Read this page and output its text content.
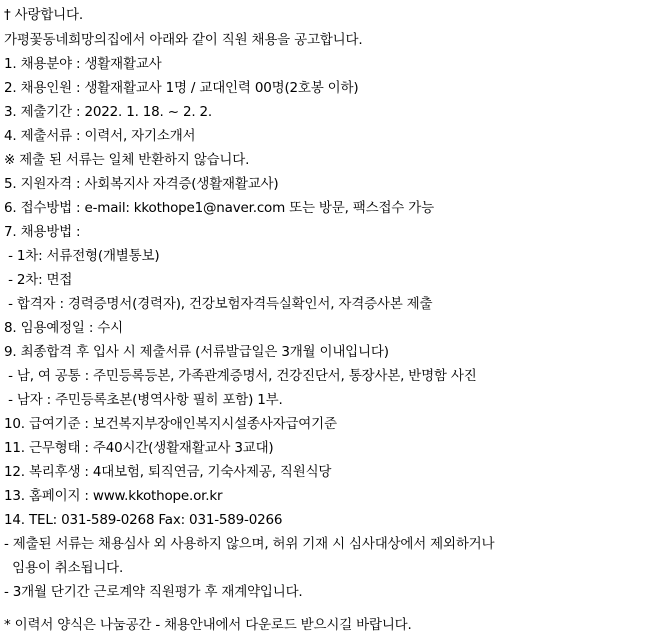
† 사랑합니다.
가평꽃동네희망의집에서 아래와 같이 직원 채용을 공고합니다.
1. 채용분야 : 생활재활교사
2. 채용인원 : 생활재활교사 1명 / 교대인력 00명(2호봉 이하)
3. 제출기간 : 2022. 1. 18. ~ 2. 2.
4. 제출서류 : 이력서, 자기소개서
※ 제출 된 서류는 일체 반환하지 않습니다.
5. 지원자격 : 사회복지사 자격증(생활재활교사)
6. 접수방법 : e-mail: kkothope1@naver.com 또는 방문, 팩스접수 가능
7. 채용방법 :
- 1차: 서류전형(개별통보)
- 2차: 면접
- 합격자 : 경력증명서(경력자), 건강보험자격득실확인서, 자격증사본 제출
8. 임용예정일 : 수시
9. 최종합격 후 입사 시 제출서류 (서류발급일은 3개월 이내입니다)
- 남, 여 공통 : 주민등록등본, 가족관계증명서, 건강진단서, 통장사본, 반명함 사진
- 남자 : 주민등록초본(병역사항 필히 포함) 1부.
10. 급여기준 : 보건복지부장애인복지시설종사자급여기준
11. 근무형태 : 주40시간(생활재활교사 3교대)
12. 복리후생 : 4대보험, 퇴직연금, 기숙사제공, 직원식당
13. 홈페이지 : www.kkothope.or.kr
14. TEL: 031-589-0268 Fax: 031-589-0266
- 제출된 서류는 채용심사 외 사용하지 않으며, 허위 기재 시 심사대상에서 제외하거나
임용이 취소됩니다.
- 3개월 단기간 근로계약 직원평가 후 재계약입니다.
* 이력서 양식은 나눔공간 - 채용안내에서 다운로드 받으시길 바랍니다.
